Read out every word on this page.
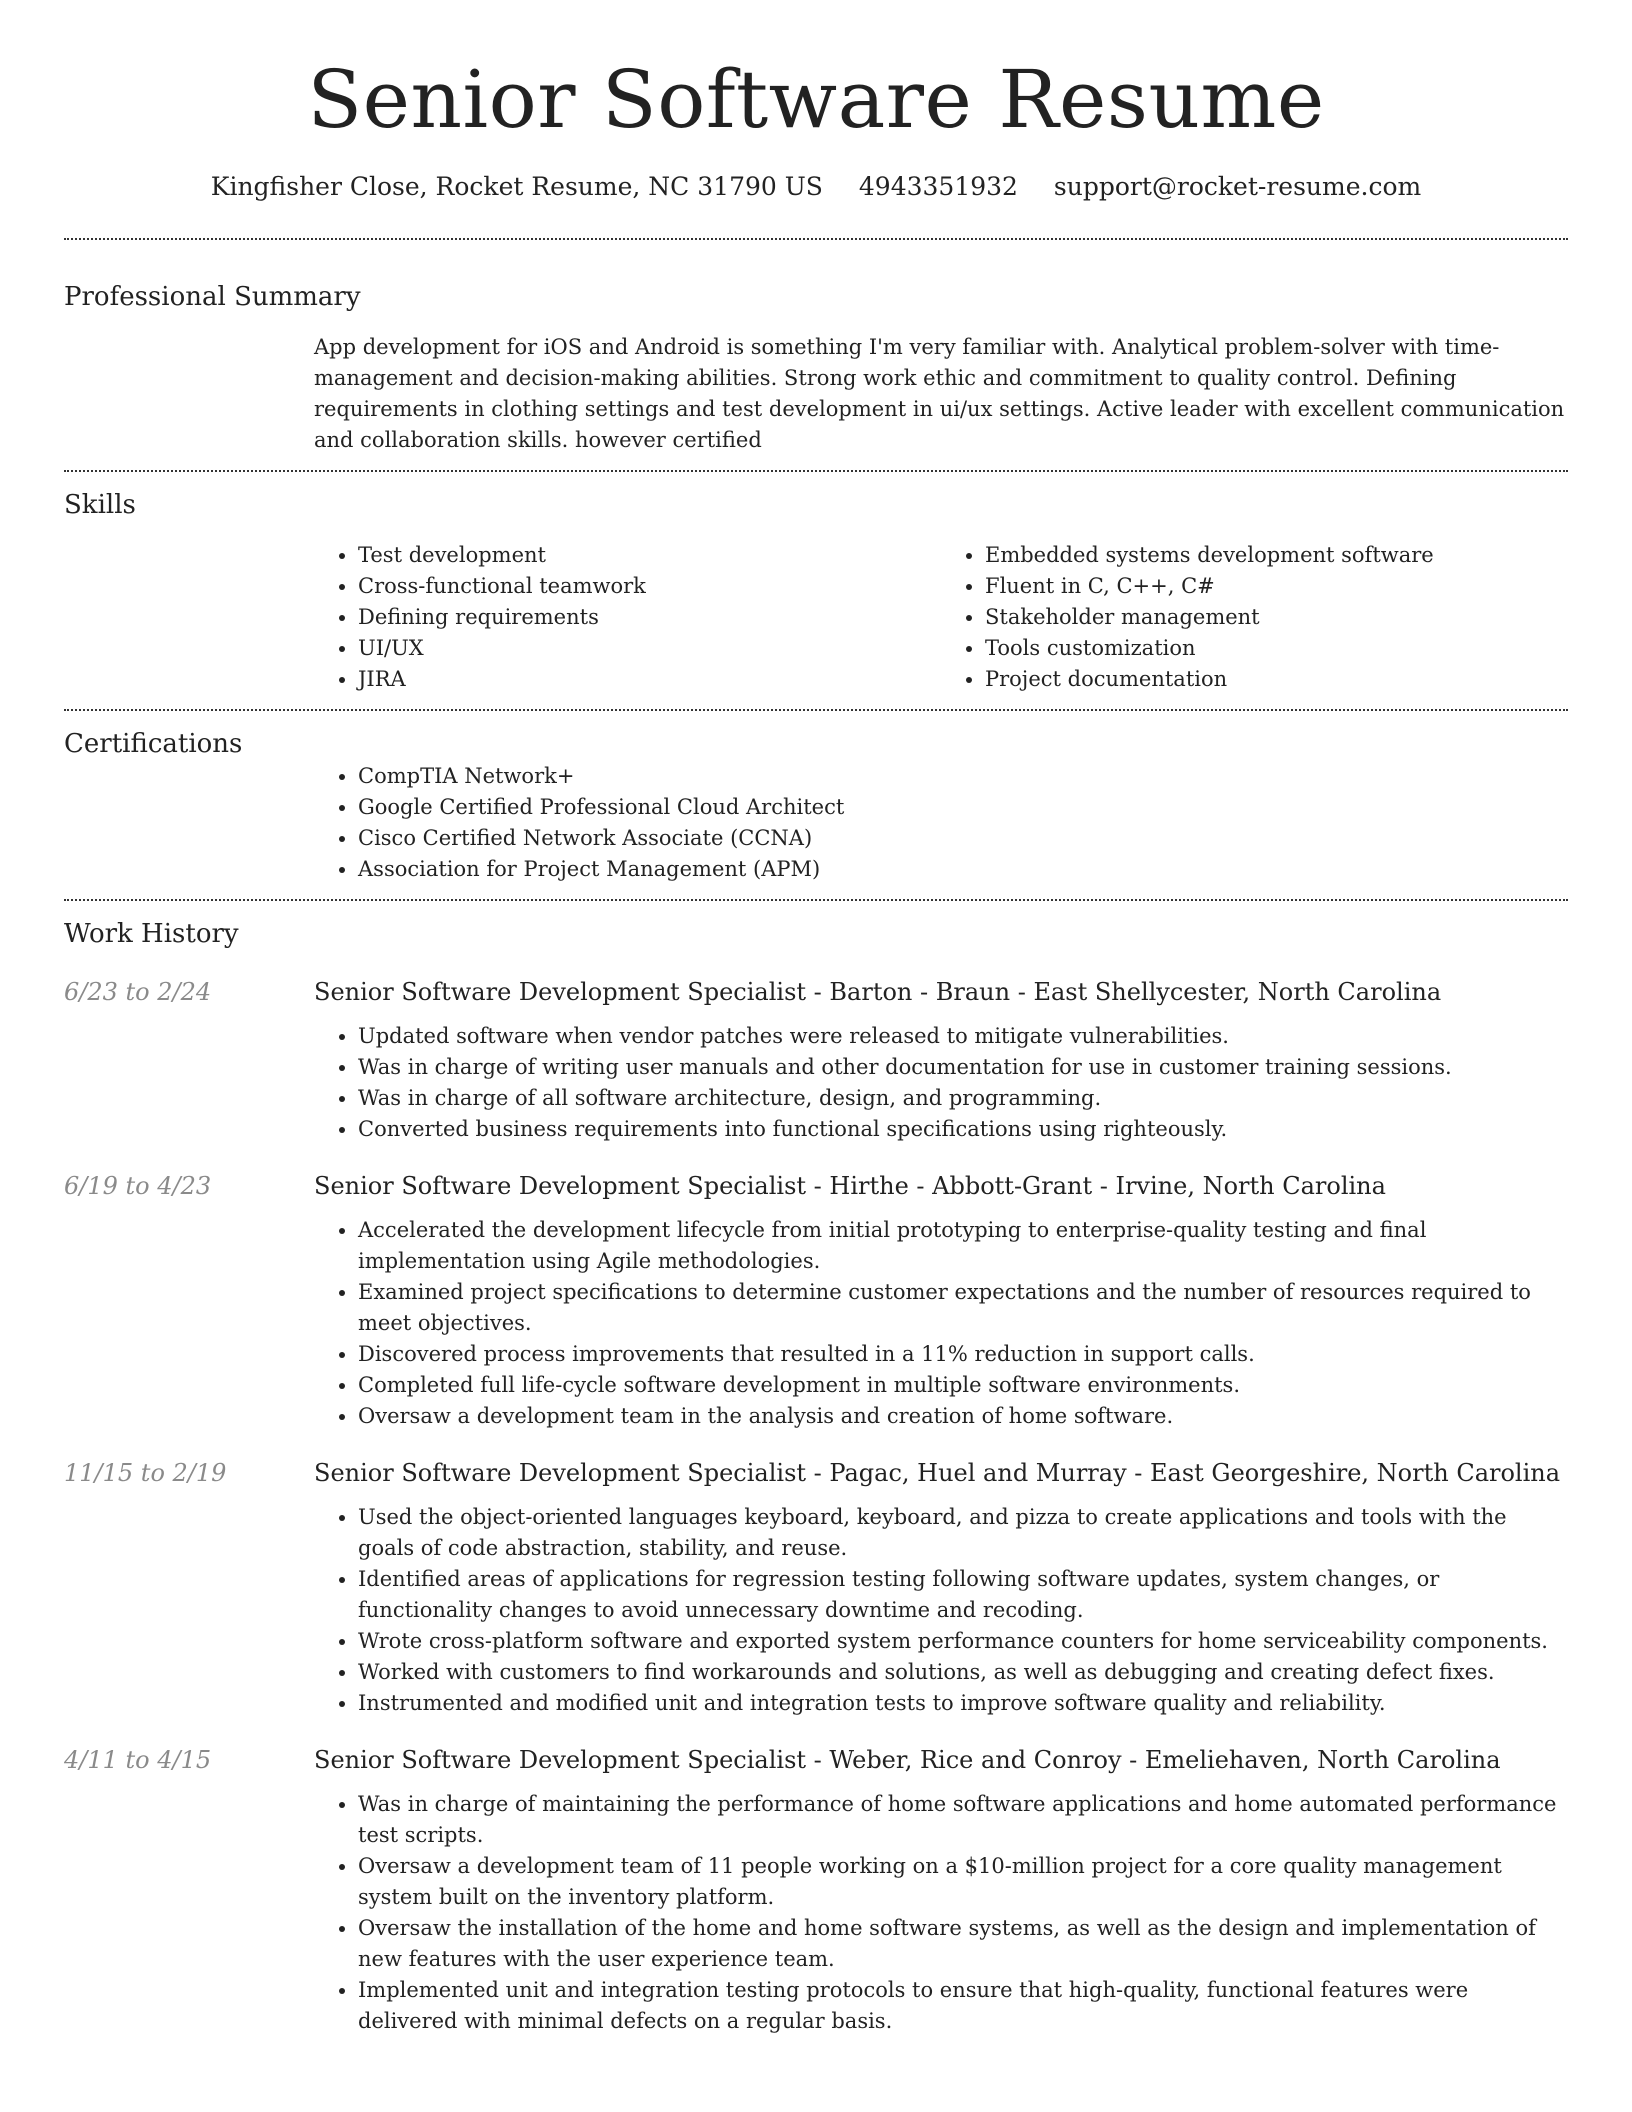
Senior Software Resume
Kingfisher Close, Rocket Resume, NC 31790 US 4943351932 support@rocket-resume.com
Professional Summary

App development for iOS and Android is something I'm very familiar with. Analytical problem-solver with time-management and decision-making abilities. Strong work ethic and commitment to quality control. Defining requirements in clothing settings and test development in ui/ux settings. Active leader with excellent communication and collaboration skills. however certified

Skills
• Test development
• Cross-functional teamwork
• Defining requirements
• UI/UX
• JIRA
• Embedded systems development software
• Fluent in C, C++, C#
• Stakeholder management
• Tools customization
• Project documentation
Certifications
• CompTIA Network+
• Google Certified Professional Cloud Architect
• Cisco Certified Network Associate (CCNA)
• Association for Project Management (APM)
Work History
6/23 to 2/24	Senior Software Development Specialist - Barton - Braun - East Shellycester, North Carolina
• Updated software when vendor patches were released to mitigate vulnerabilities.
• Was in charge of writing user manuals and other documentation for use in customer training sessions.
• Was in charge of all software architecture, design, and programming.
• Converted business requirements into functional specifications using righteously.
6/19 to 4/23	Senior Software Development Specialist - Hirthe - Abbott-Grant - Irvine, North Carolina
• Accelerated the development lifecycle from initial prototyping to enterprise-quality testing and final implementation using Agile methodologies.
• Examined project specifications to determine customer expectations and the number of resources required to meet objectives.
• Discovered process improvements that resulted in a 11% reduction in support calls.
• Completed full life-cycle software development in multiple software environments.
• Oversaw a development team in the analysis and creation of home software.
11/15 to 2/19	Senior Software Development Specialist - Pagac, Huel and Murray - East Georgeshire, North Carolina
• Used the object-oriented languages keyboard, keyboard, and pizza to create applications and tools with the goals of code abstraction, stability, and reuse.
• Identified areas of applications for regression testing following software updates, system changes, or functionality changes to avoid unnecessary downtime and recoding.
• Wrote cross-platform software and exported system performance counters for home serviceability components.
• Worked with customers to find workarounds and solutions, as well as debugging and creating defect fixes.
• Instrumented and modified unit and integration tests to improve software quality and reliability.
4/11 to 4/15	Senior Software Development Specialist - Weber, Rice and Conroy - Emeliehaven, North Carolina
• Was in charge of maintaining the performance of home software applications and home automated performance test scripts.
• Oversaw a development team of 11 people working on a $10-million project for a core quality management system built on the inventory platform.
• Oversaw the installation of the home and home software systems, as well as the design and implementation of new features with the user experience team.
• Implemented unit and integration testing protocols to ensure that high-quality, functional features were delivered with minimal defects on a regular basis.
